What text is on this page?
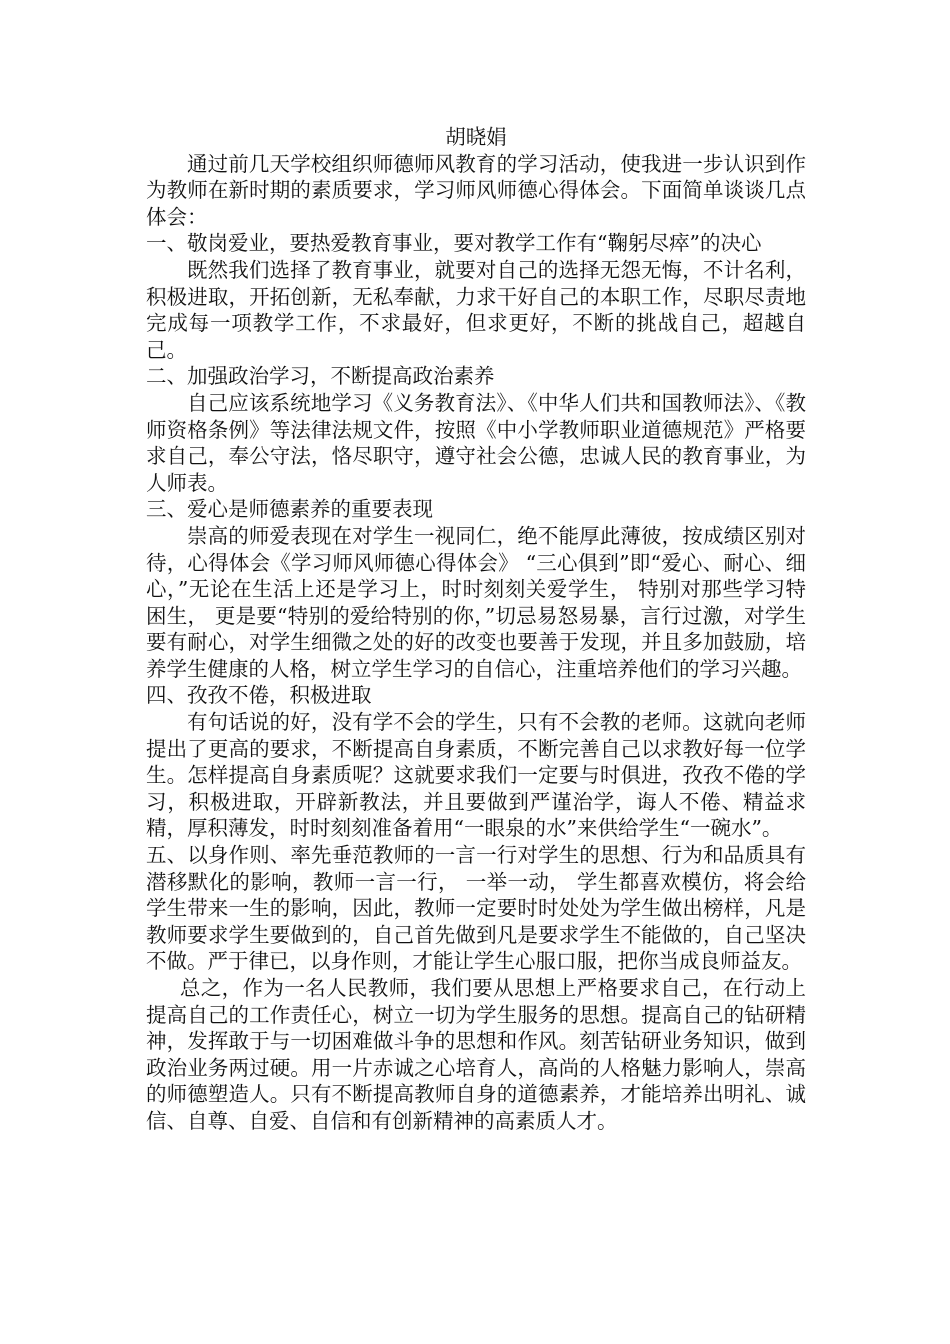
胡晓娟

通过前几天学校组织师德师风教育的学习活动，使我进一步认识到作为教师在新时期的素质要求，学习师风师德心得体会。下面简单谈谈几点体会：

一、敬岗爱业，要热爱教育事业，要对教学工作有“鞠躬尽瘁”的决心

既然我们选择了教育事业，就要对自己的选择无怨无悔，不计名利，积极进取，开拓创新，无私奉献，力求干好自己的本职工作，尽职尽责地完成每一项教学工作，不求最好，但求更好，不断的挑战自己，超越自己。

二、加强政治学习，不断提高政治素养

自己应该系统地学习《义务教育法》、《中华人们共和国教师法》、《教师资格条例》等法律法规文件，按照《中小学教师职业道德规范》严格要求自己，奉公守法，恪尽职守，遵守社会公德，忠诚人民的教育事业，为人师表。

三、爱心是师德素养的重要表现

崇高的师爱表现在对学生一视同仁，绝不能厚此薄彼，按成绩区别对待，心得体会《学习师风师德心得体会》 “三心俱到”即“爱心、耐心、细心，”无论在生活上还是学习上，时时刻刻关爱学生， 特别对那些学习特困生， 更是要“特别的爱给特别的你，”切忌易怒易暴，言行过激，对学生要有耐心，对学生细微之处的好的改变也要善于发现，并且多加鼓励，培养学生健康的人格，树立学生学习的自信心，注重培养他们的学习兴趣。

四、孜孜不倦，积极进取

有句话说的好，没有学不会的学生，只有不会教的老师。这就向老师提出了更高的要求，不断提高自身素质，不断完善自己以求教好每一位学生。怎样提高自身素质呢？这就要求我们一定要与时俱进，孜孜不倦的学习，积极进取，开辟新教法，并且要做到严谨治学，诲人不倦、精益求精，厚积薄发，时时刻刻准备着用“一眼泉的水”来供给学生“一碗水”。

五、以身作则、率先垂范教师的一言一行对学生的思想、行为和品质具有潜移默化的影响，教师一言一行， 一举一动， 学生都喜欢模仿，将会给学生带来一生的影响，因此，教师一定要时时处处为学生做出榜样，凡是教师要求学生要做到的，自己首先做到凡是要求学生不能做的，自己坚决不做。严于律已，以身作则，才能让学生心服口服，把你当成良师益友。

总之，作为一名人民教师，我们要从思想上严格要求自己，在行动上提高自己的工作责任心，树立一切为学生服务的思想。提高自己的钻研精神，发挥敢于与一切困难做斗争的思想和作风。刻苦钻研业务知识，做到政治业务两过硬。用一片赤诚之心培育人，高尚的人格魅力影响人，崇高的师德塑造人。只有不断提高教师自身的道德素养，才能培养出明礼、诚信、自尊、自爱、自信和有创新精神的高素质人才。
